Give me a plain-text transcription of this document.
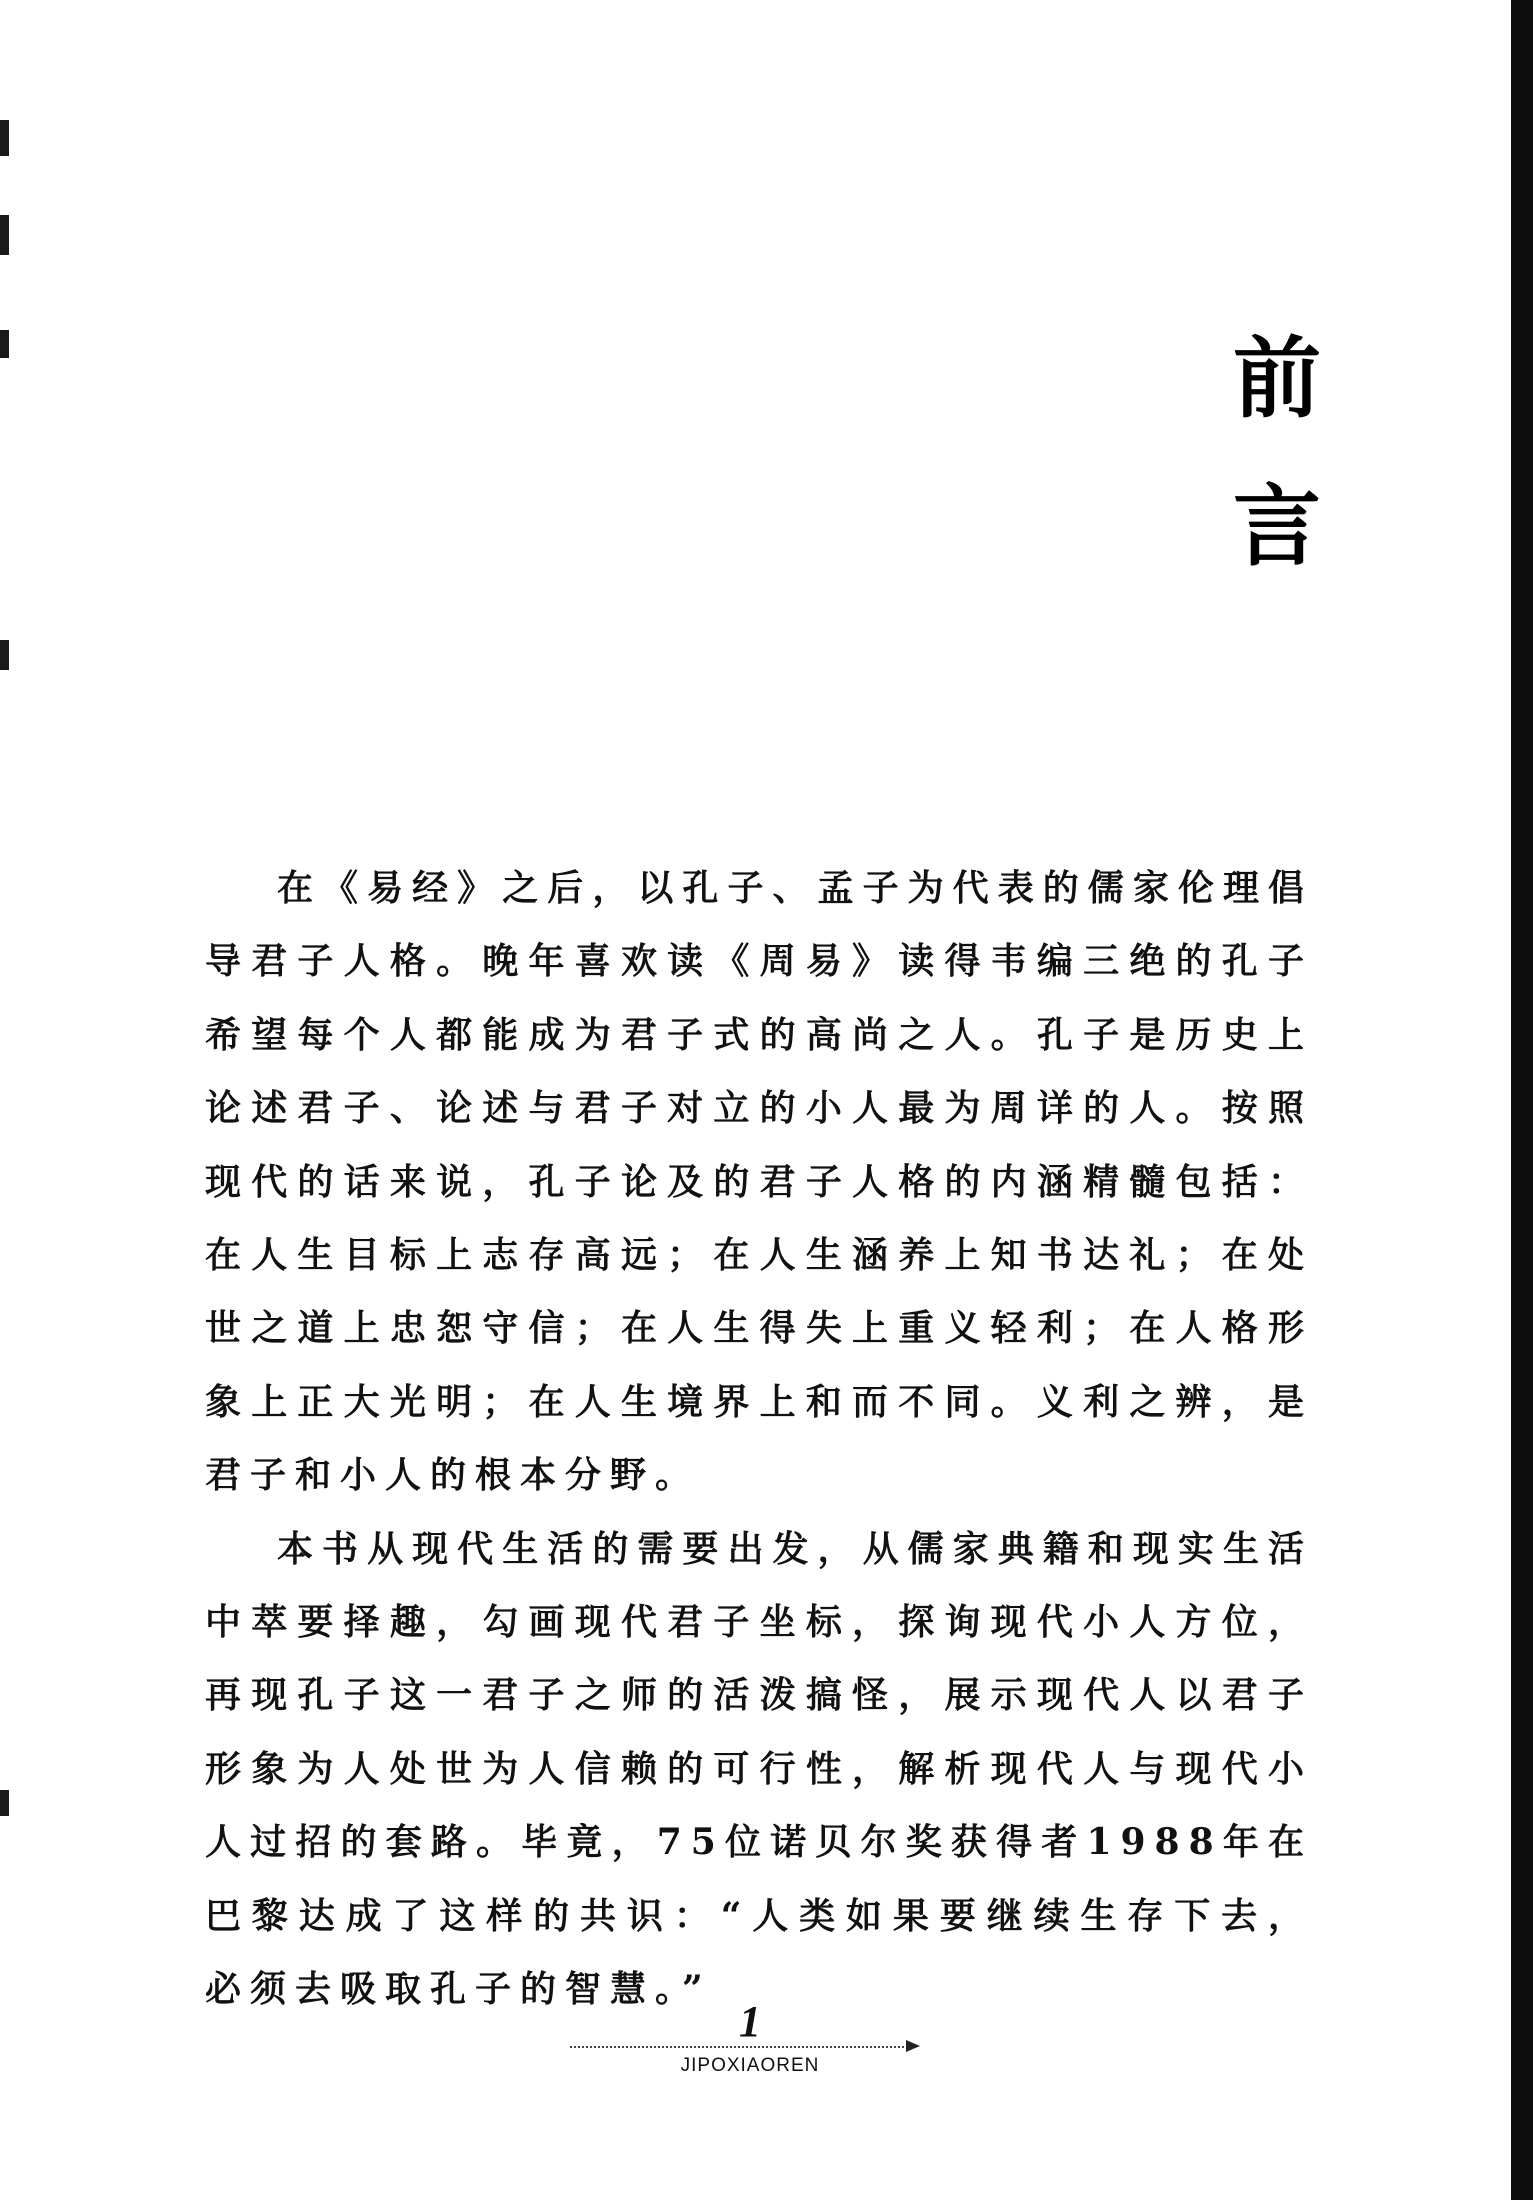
前
言

在《易经》之后，以孔子、孟子为代表的儒家伦理倡导君子人格。晚年喜欢读《周易》读得韦编三绝的孔子希望每个人都能成为君子式的高尚之人。孔子是历史上论述君子、论述与君子对立的小人最为周详的人。按照现代的话来说，孔子论及的君子人格的内涵精髓包括：在人生目标上志存高远；在人生涵养上知书达礼；在处世之道上忠恕守信；在人生得失上重义轻利；在人格形象上正大光明；在人生境界上和而不同。义利之辨，是君子和小人的根本分野。

本书从现代生活的需要出发，从儒家典籍和现实生活中萃要择趣，勾画现代君子坐标，探询现代小人方位，再现孔子这一君子之师的活泼搞怪，展示现代人以君子形象为人处世为人信赖的可行性，解析现代人与现代小人过招的套路。毕竟，75位诺贝尔奖获得者1988年在巴黎达成了这样的共识：“人类如果要继续生存下去，必须去吸取孔子的智慧。”

1
JIPOXIAOREN
